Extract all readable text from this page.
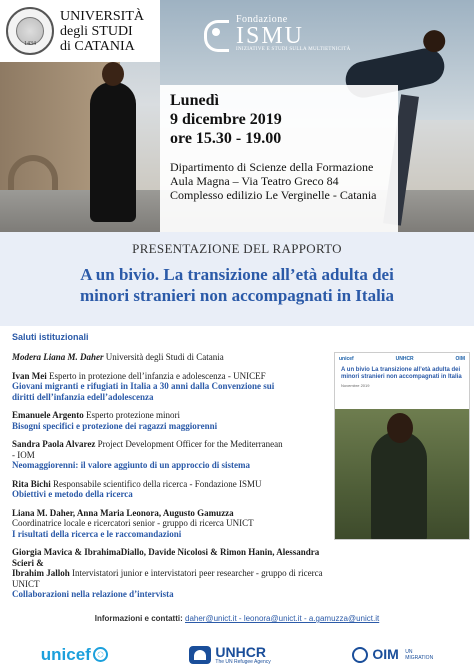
1434
UNIVERSITÀ
degli STUDI
di CATANIA
Fondazione
ISMU
INIZIATIVE E STUDI SULLA MULTIETNICITÀ
Lunedì
9 dicembre 2019
ore 15.30 - 19.00
Dipartimento di Scienze della Formazione
Aula Magna – Via Teatro Greco 84
Complesso edilizio Le Verginelle - Catania
PRESENTAZIONE DEL RAPPORTO
A un bivio. La transizione all’età adulta dei
minori stranieri non accompagnati in Italia
Saluti istituzionali
Modera Liana M. Daher Università degli Studi di Catania
Ivan Mei Esperto in protezione dell’infanzia e adolescenza - UNICEF
Giovani migranti e rifugiati in Italia a 30 anni dalla Convenzione sui
diritti dell’infanzia edell’adolescenza
Emanuele Argento Esperto protezione minori
Bisogni specifici e protezione dei ragazzi maggiorenni
Sandra Paola Alvarez Project Development Officer for the Mediterranean
- IOM
Neomaggiorenni: il valore aggiunto di un approccio di sistema
Rita Bichi Responsabile scientifico della ricerca - Fondazione ISMU
Obiettivi e metodo della ricerca
Liana M. Daher, Anna Maria Leonora, Augusto Gamuzza
Coordinatrice locale e ricercatori senior - gruppo di ricerca UNICT
I risultati della ricerca e le raccomandazioni
Giorgia Mavica & IbrahimaDiallo, Davide Nicolosi & Rimon Hanin, Alessandra Scieri &
Ibrahim Jalloh Intervistatori junior e intervistatori peer researcher - gruppo di ricerca UNICT
Collaborazioni nella relazione d’intervista
unicef	UNHCR	OIM
A un bivio La transizione all’età adulta dei minori stranieri non accompagnati in Italia
Novembre 2019
Informazioni e contatti: daher@unict.it - leonora@unict.it - a.gamuzza@unict.it
unicef	UNHCR
The UN Refugee Agency	OIM UN
MIGRATION
